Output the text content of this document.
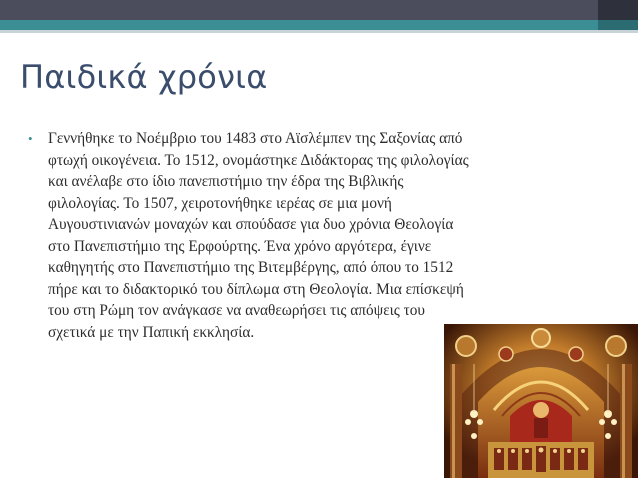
Παιδικά χρόνια
• Γεννήθηκε το Νοέμβριο του 1483 στο Αϊσλέμπεν της Σαξονίας από
φτωχή οικογένεια. Το 1512, ονομάστηκε Διδάκτορας της φιλολογίας
και ανέλαβε στο ίδιο πανεπιστήμιο την έδρα της Βιβλικής
φιλολογίας. Το 1507, χειροτονήθηκε ιερέας σε μια μονή
Αυγουστινιανών μοναχών και σπούδασε για δυο χρόνια Θεολογία
στο Πανεπιστήμιο της Ερφούρτης. Ένα χρόνο αργότερα, έγινε
καθηγητής στο Πανεπιστήμιο της Βιτεμβέργης, από όπου το 1512
πήρε και το διδακτορικό του δίπλωμα στη Θεολογία. Μια επίσκεψή
του στη Ρώμη τον ανάγκασε να αναθεωρήσει τις απόψεις του
σχετικά με την Παπική εκκλησία.
